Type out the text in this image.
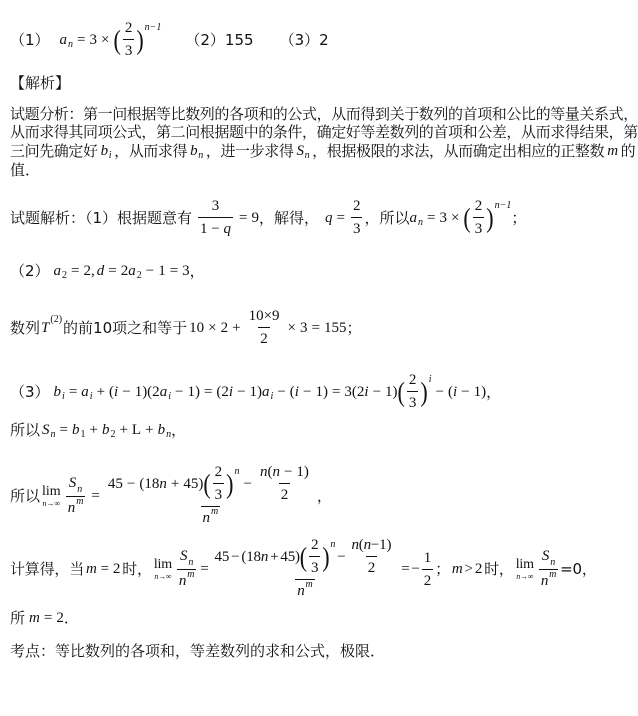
（1） a n = 3 × ( $\frac{2}{3}$ ) n−1
（2）155 （3）2
【解析】
试题分析：第一问根据等比数列的各项和的公式，从而得到关于数列的首项和公比的等量关系式，
从而求得其同项公式，第二问根据题中的条件，确定好等差数列的首项和公差，从而求得结果，第
三问先确定好 b i ，从而求得 b n ，进一步求得 S n ，根据极限的求法，从而确定出相应的正整数 m 的
值．
试题解析：（1）根据题意有 $\frac{3}{1 - q} = 9$ ，解得， $q = \frac{2}{3}$ ，所以 a n = 3 × ( $\frac{2}{3}$ ) n−1
；
（2） a 2 = 2, d = 2 a 2 − 1 = 3 ，
数列 T
(2) 的前10项之和等于 $10 \times 2 + \frac{10\times 9}{2} \times 3 = 155$ ；
（3） b i = a i + ( i − 1)(2 a i − 1) = (2 i − 1) a i − ( i − 1) = 3(2 i − 1) ( $\frac{2}{3}$ ) i
− ( i − 1) ，
所以 S n = b 1 + b 2 + L + b n ，
所以 lim
$n\to\infty \frac{S_n}{n^m} = 45 - (18$ n + 45) ( $\frac{2}{3}$ ) n
− $\frac{n(n - 1)}{2}$
$n^m$ ，
计算得，当 m = 2 时， lim
$n\to\infty \frac{S_n}{n^m} = 45 - (18$ n + 45) ( $\frac{2}{3}$ ) n
− $\frac{n(n-1)}{2}$
$n^m$ = − $\frac{1}{2}$ ； m > 2 时， lim
$n\to\infty \frac{S_n}{n^m} =0$，
所 m = 2 ．
考点：等比数列的各项和，等差数列的求和公式，极限．
